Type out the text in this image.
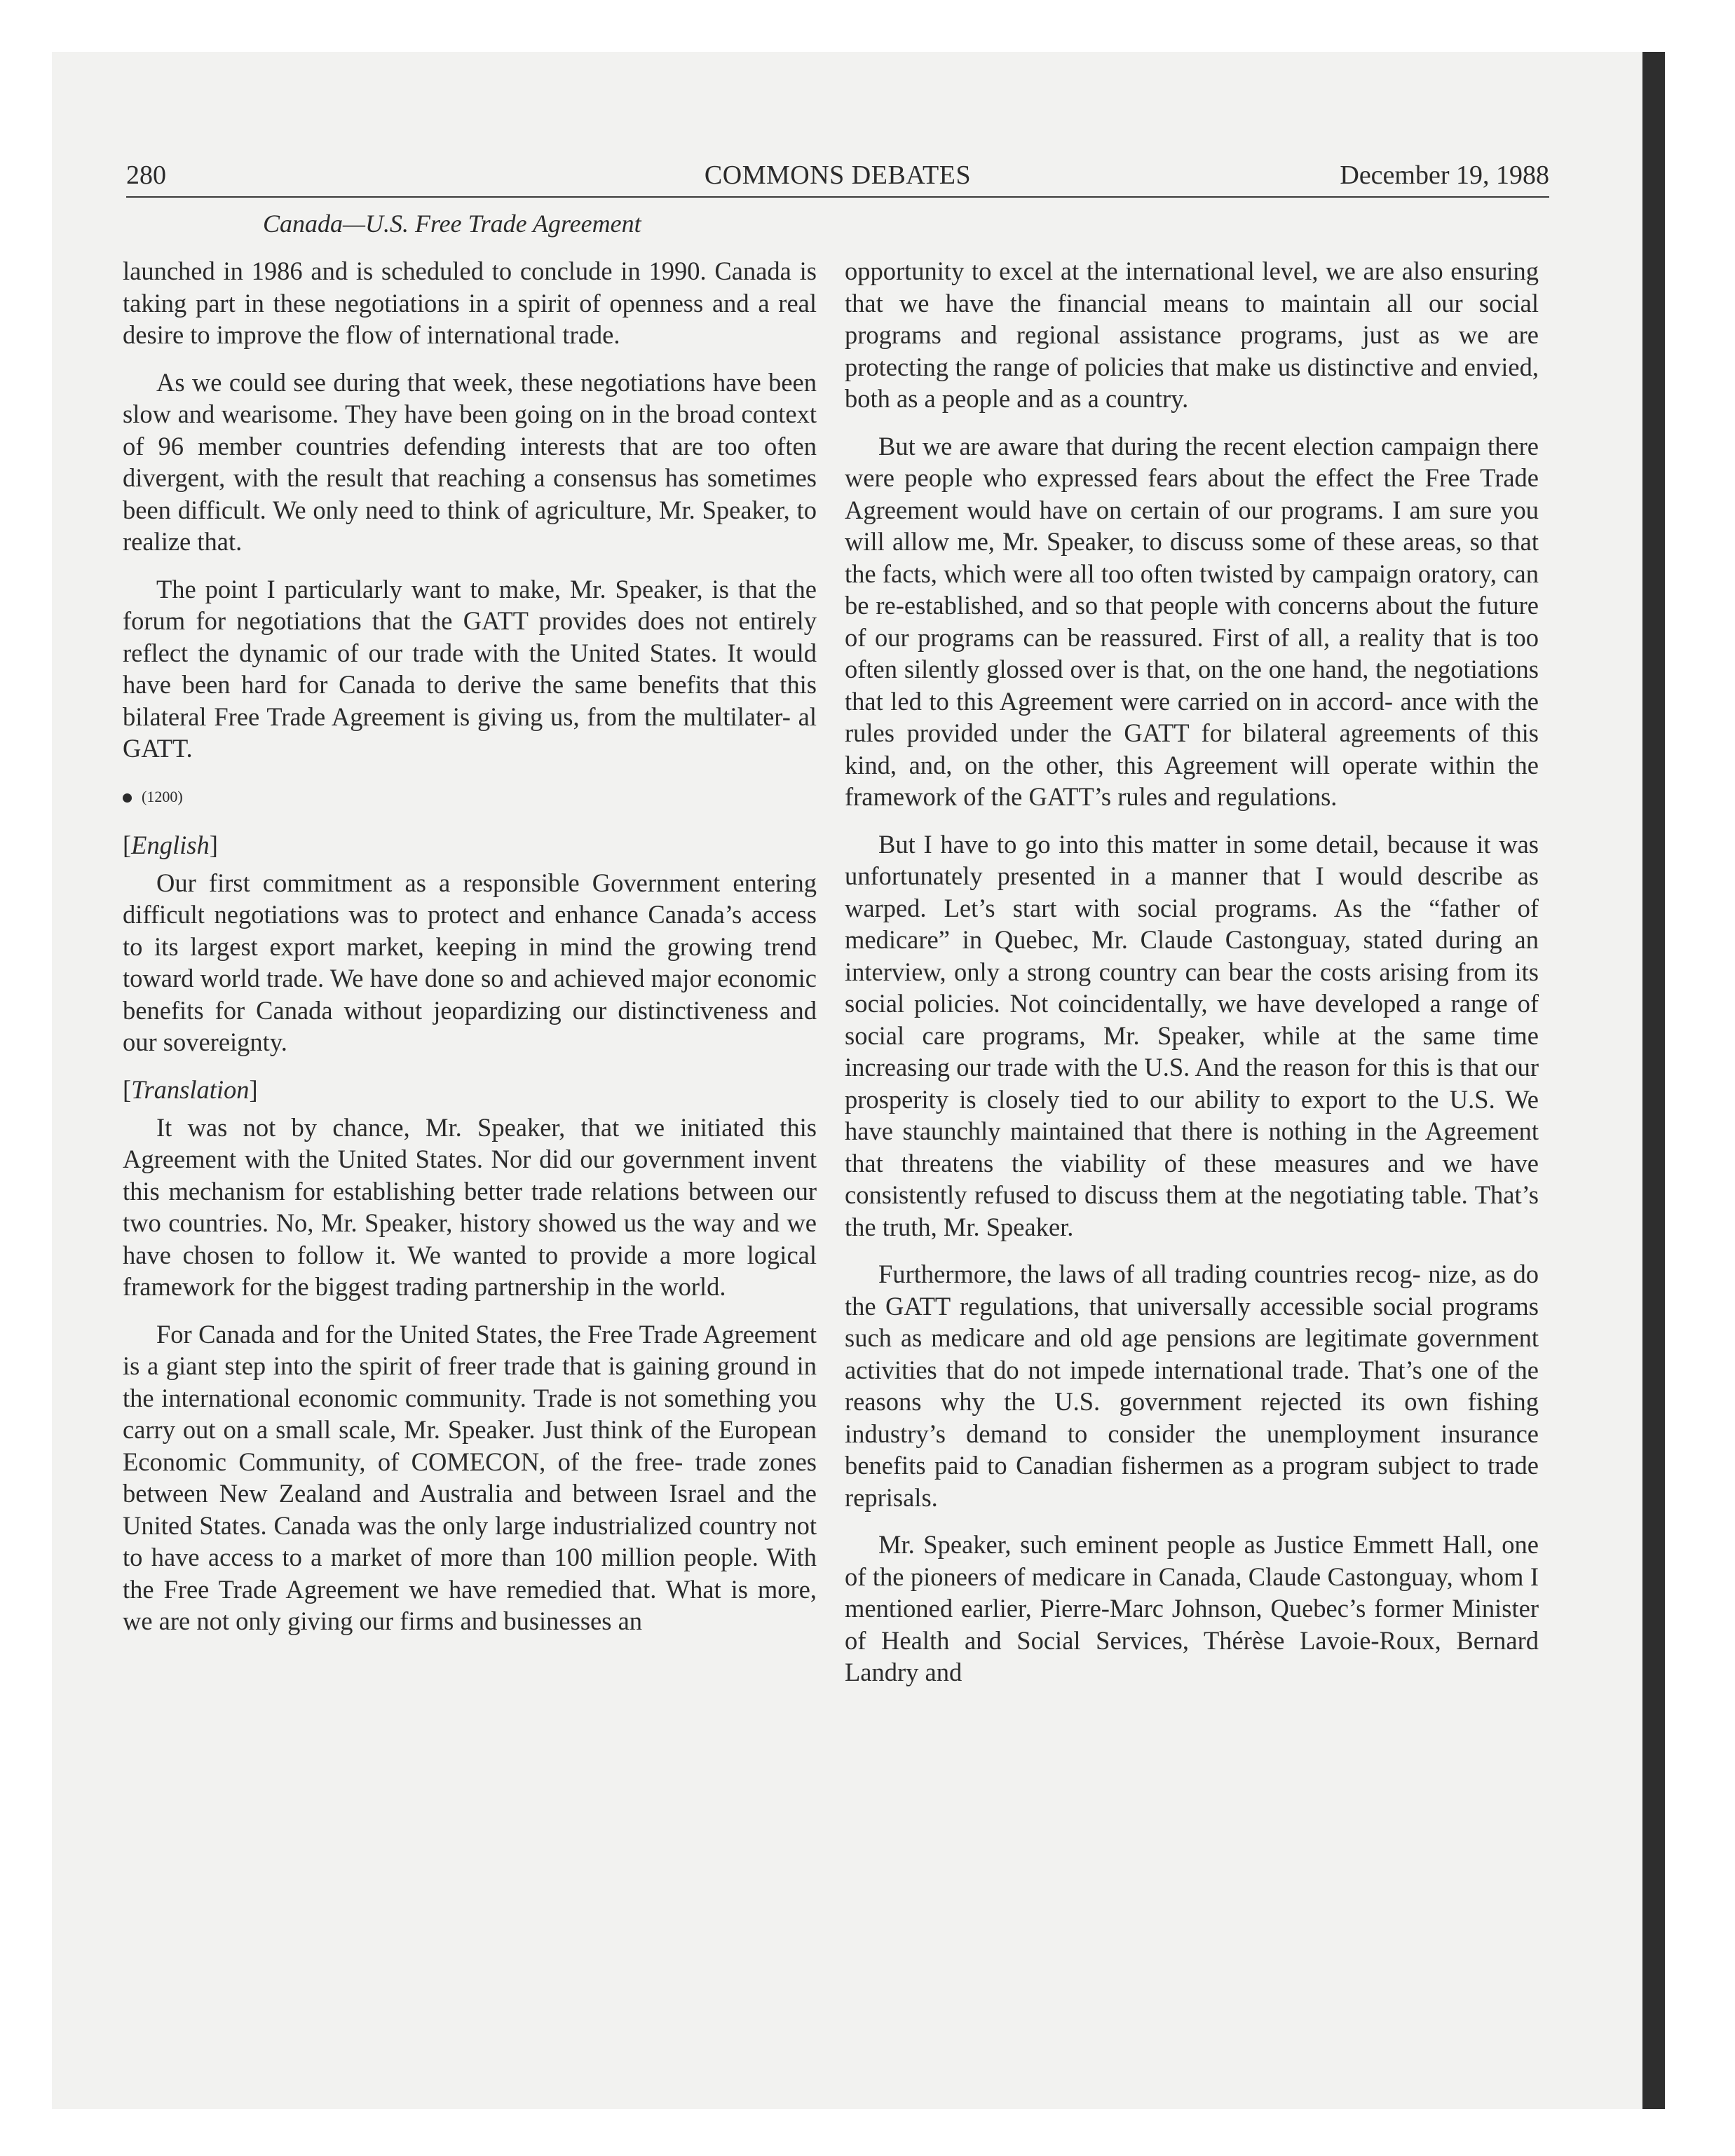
280	COMMONS DEBATES	December 19, 1988
Canada—U.S. Free Trade Agreement

launched in 1986 and is scheduled to conclude in 1990. Canada is taking part in these negotiations in a spirit of openness and a real desire to improve the flow of international trade.

As we could see during that week, these negotiations have been slow and wearisome. They have been going on in the broad context of 96 member countries defending interests that are too often divergent, with the result that reaching a consensus has sometimes been difficult. We only need to think of agriculture, Mr. Speaker, to realize that.

The point I particularly want to make, Mr. Speaker, is that the forum for negotiations that the GATT provides does not entirely reflect the dynamic of our trade with the United States. It would have been hard for Canada to derive the same benefits that this bilateral Free Trade Agreement is giving us, from the multilater- al GATT.

(1200)
[English]

Our first commitment as a responsible Government entering difficult negotiations was to protect and enhance Canada’s access to its largest export market, keeping in mind the growing trend toward world trade. We have done so and achieved major economic benefits for Canada without jeopardizing our distinctiveness and our sovereignty.

[Translation]

It was not by chance, Mr. Speaker, that we initiated this Agreement with the United States. Nor did our government invent this mechanism for establishing better trade relations between our two countries. No, Mr. Speaker, history showed us the way and we have chosen to follow it. We wanted to provide a more logical framework for the biggest trading partnership in the world.

For Canada and for the United States, the Free Trade Agreement is a giant step into the spirit of freer trade that is gaining ground in the international economic community. Trade is not something you carry out on a small scale, Mr. Speaker. Just think of the European Economic Community, of COMECON, of the free- trade zones between New Zealand and Australia and between Israel and the United States. Canada was the only large industrialized country not to have access to a market of more than 100 million people. With the Free Trade Agreement we have remedied that. What is more, we are not only giving our firms and businesses an

opportunity to excel at the international level, we are also ensuring that we have the financial means to maintain all our social programs and regional assistance programs, just as we are protecting the range of policies that make us distinctive and envied, both as a people and as a country.

But we are aware that during the recent election campaign there were people who expressed fears about the effect the Free Trade Agreement would have on certain of our programs. I am sure you will allow me, Mr. Speaker, to discuss some of these areas, so that the facts, which were all too often twisted by campaign oratory, can be re-established, and so that people with concerns about the future of our programs can be reassured. First of all, a reality that is too often silently glossed over is that, on the one hand, the negotiations that led to this Agreement were carried on in accord- ance with the rules provided under the GATT for bilateral agreements of this kind, and, on the other, this Agreement will operate within the framework of the GATT’s rules and regulations.

But I have to go into this matter in some detail, because it was unfortunately presented in a manner that I would describe as warped. Let’s start with social programs. As the “father of medicare” in Quebec, Mr. Claude Castonguay, stated during an interview, only a strong country can bear the costs arising from its social policies. Not coincidentally, we have developed a range of social care programs, Mr. Speaker, while at the same time increasing our trade with the U.S. And the reason for this is that our prosperity is closely tied to our ability to export to the U.S. We have staunchly maintained that there is nothing in the Agreement that threatens the viability of these measures and we have consistently refused to discuss them at the negotiating table. That’s the truth, Mr. Speaker.

Furthermore, the laws of all trading countries recog- nize, as do the GATT regulations, that universally accessible social programs such as medicare and old age pensions are legitimate government activities that do not impede international trade. That’s one of the reasons why the U.S. government rejected its own fishing industry’s demand to consider the unemployment insurance benefits paid to Canadian fishermen as a program subject to trade reprisals.

Mr. Speaker, such eminent people as Justice Emmett Hall, one of the pioneers of medicare in Canada, Claude Castonguay, whom I mentioned earlier, Pierre-Marc Johnson, Quebec’s former Minister of Health and Social Services, Thérèse Lavoie-Roux, Bernard Landry and
